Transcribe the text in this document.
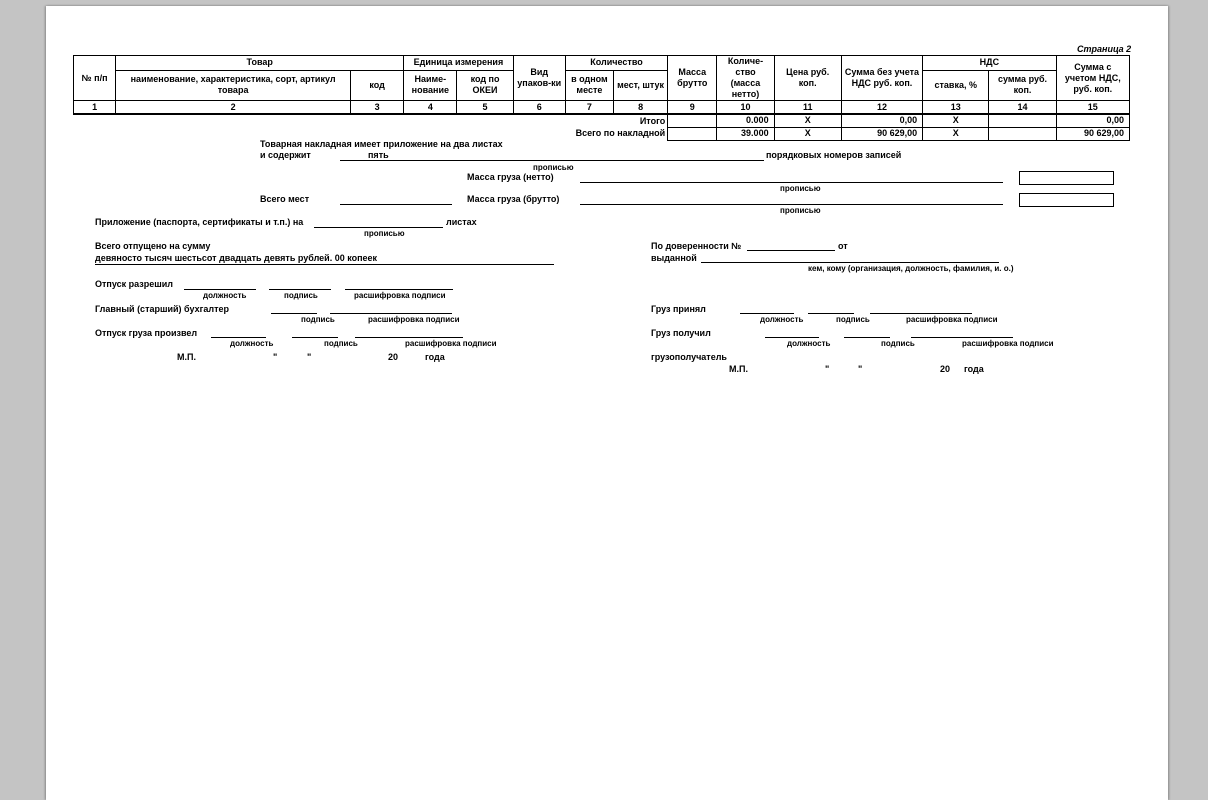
Страница 2
№ п/п	Товар		Единица измерения		Вид упаков-ки	Количество		Масса брутто	Количе-ство (масса нетто)	Цена руб. коп.	Сумма без учета НДС руб. коп.	НДС		Сумма с учетом НДС, руб. коп.
	наименование, характеристика, сорт, артикул товара	код	Наиме-нование	код по ОКЕИ		в одном месте	мест, штук					ставка, %	сумма руб. коп.	
1	2	3	4	5	6	7	8	9	10	11	12	13	14	15
						Итого			0.000	X	0,00	X		0,00
					Всего по накладной				39.000	X	90 629,00	X		90 629,00
Товарная накладная имеет приложение на два листах
и содержит	пять	порядковых номеров записей
прописью
Масса груза (нетто)
прописью
Всего мест	Масса груза (брутто)
прописью
Приложение (паспорта, сертификаты и т.п.) на	листах
прописью
Всего отпущено на сумму
девяносто тысяч шестьсот двадцать девять рублей. 00 копеек
По доверенности №	от
выданной
кем, кому (организация, должность, фамилия, и. о.)
Отпуск разрешил
должность	подпись	расшифровка подписи
Главный (старший) бухгалтер
подпись	расшифровка подписи
Отпуск груза произвел
должность	подпись	расшифровка подписи
М.П.	"	"	20	года
Груз принял
должность	подпись	расшифровка подписи
Груз получил
должность	подпись	расшифровка подписи
грузополучатель
М.П.	"	"	20 года
